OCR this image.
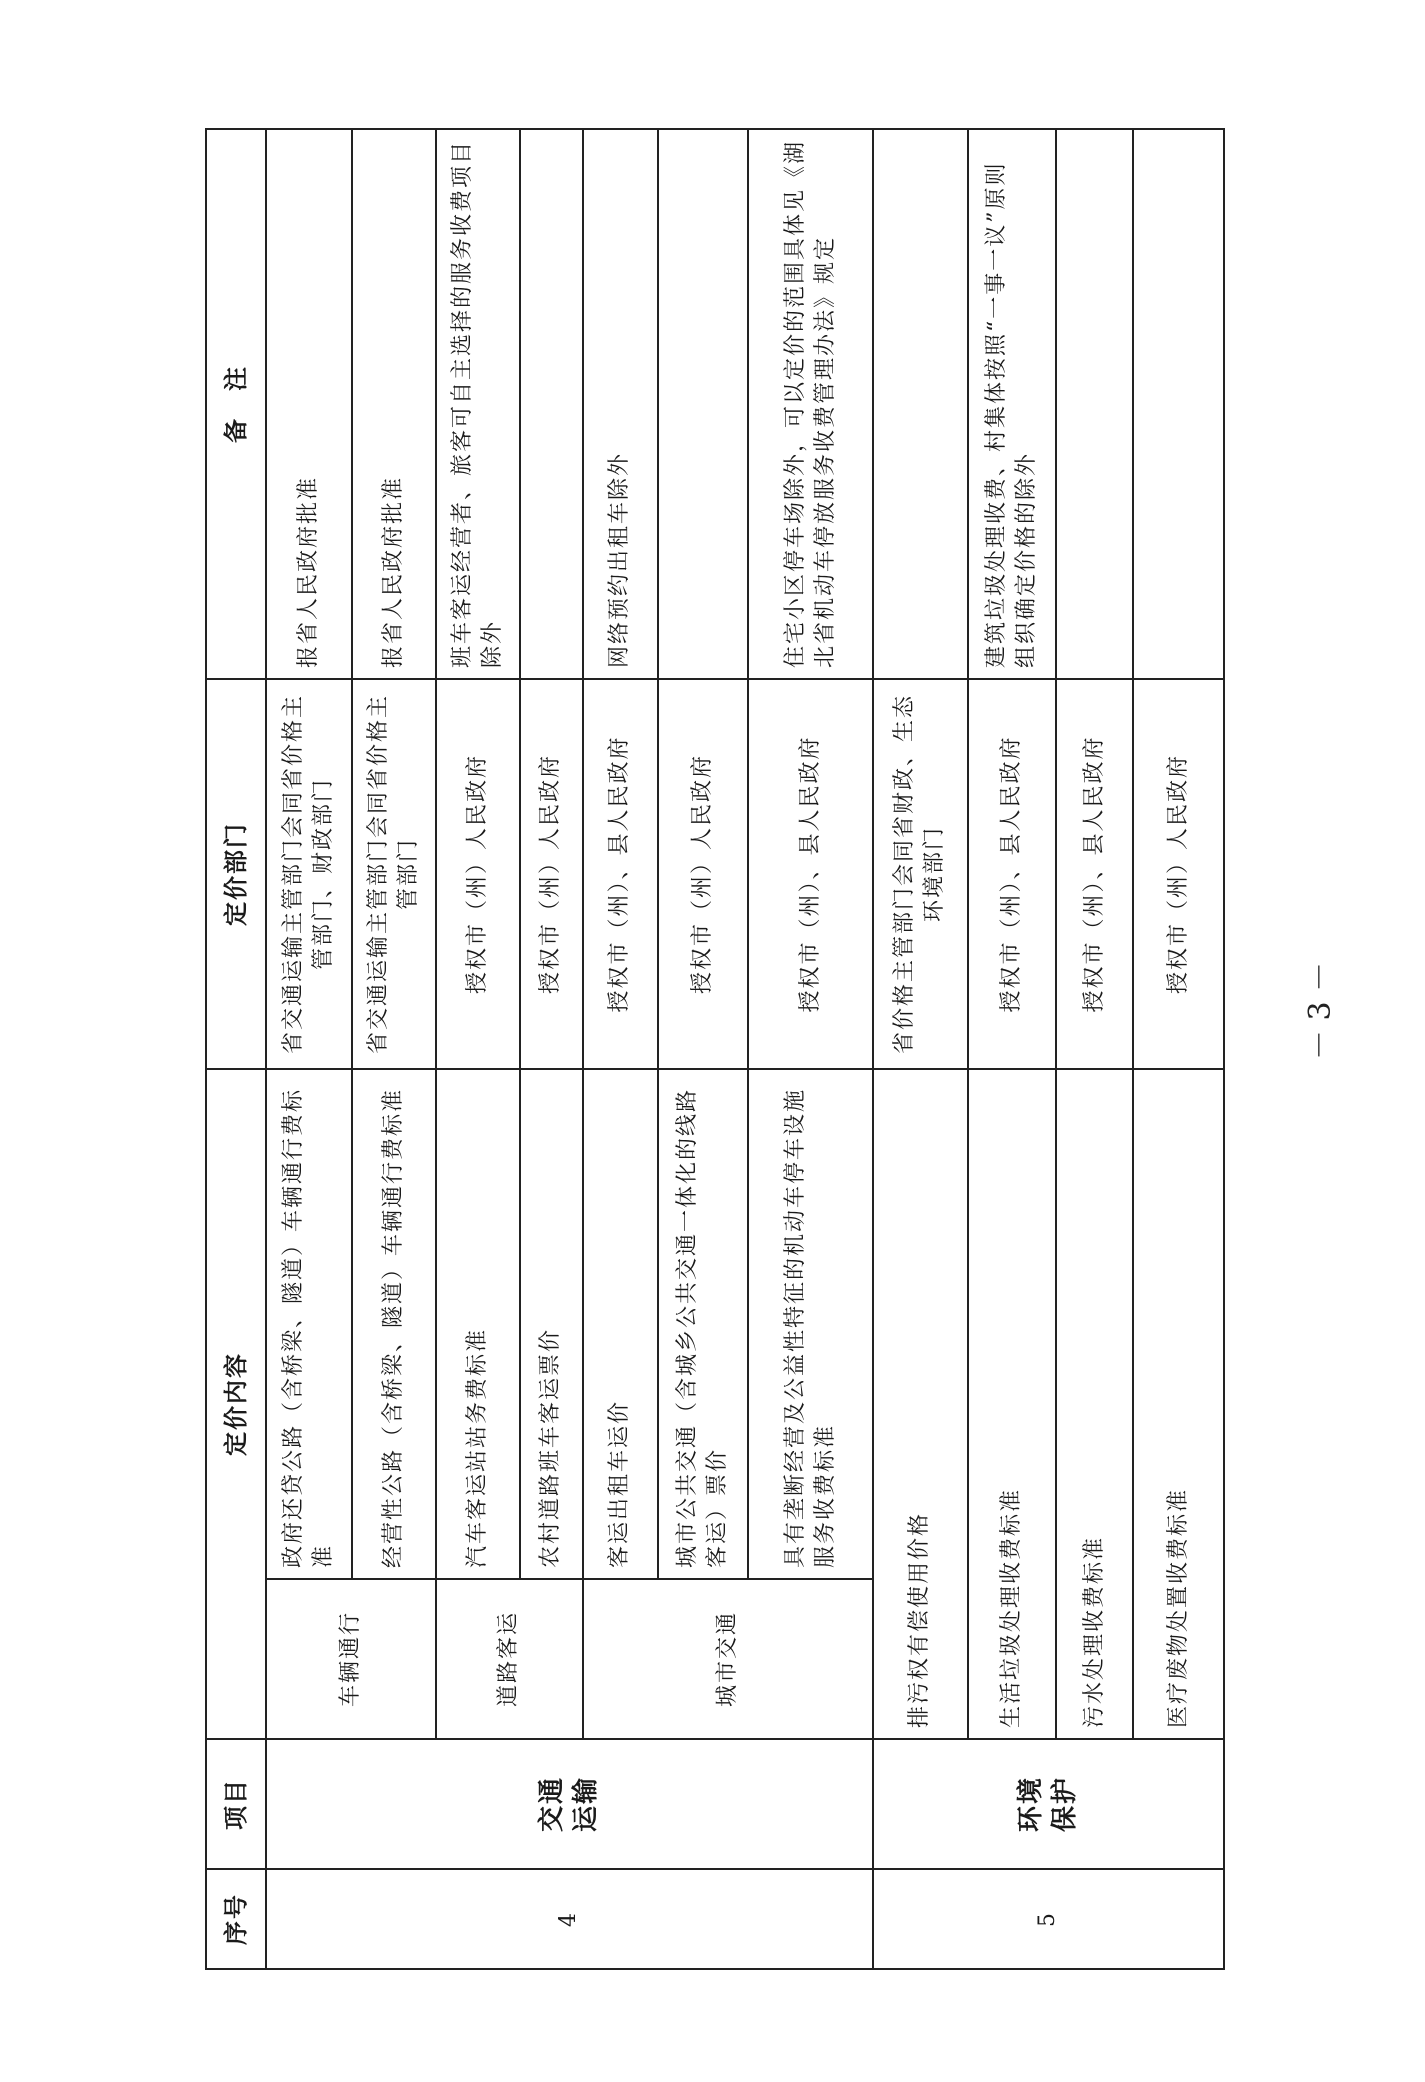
序号	项目	定价内容		定价部门	备　注
4	交通运输	车辆通行	政府还贷公路（含桥梁、隧道）车辆通行费标准	省交通运输主管部门会同省价格主管部门、财政部门	报省人民政府批准
			经营性公路（含桥梁、隧道）车辆通行费标准	省交通运输主管部门会同省价格主管部门	报省人民政府批准
		道路客运	汽车客运站站务费标准	授权市（州）人民政府	班车客运经营者、旅客可自主选择的服务收费项目除外
			农村道路班车客运票价	授权市（州）人民政府	
		城市交通	客运出租车运价	授权市（州）、县人民政府	网络预约出租车除外
			城市公共交通（含城乡公共交通一体化的线路客运）票价	授权市（州）人民政府	
			具有垄断经营及公益性特征的机动车停车设施服务收费标准	授权市（州）、县人民政府	住宅小区停车场除外，可以定价的范围具体见《湖北省机动车停放服务收费管理办法》规定
5	环境保护	排污权有偿使用价格		省价格主管部门会同省财政、生态环境部门	
		生活垃圾处理收费标准		授权市（州）、县人民政府	建筑垃圾处理收费、村集体按照“一事一议”原则组织确定价格的除外
		污水处理收费标准		授权市（州）、县人民政府	
		医疗废物处置收费标准		授权市（州）人民政府	
－ 3 －
